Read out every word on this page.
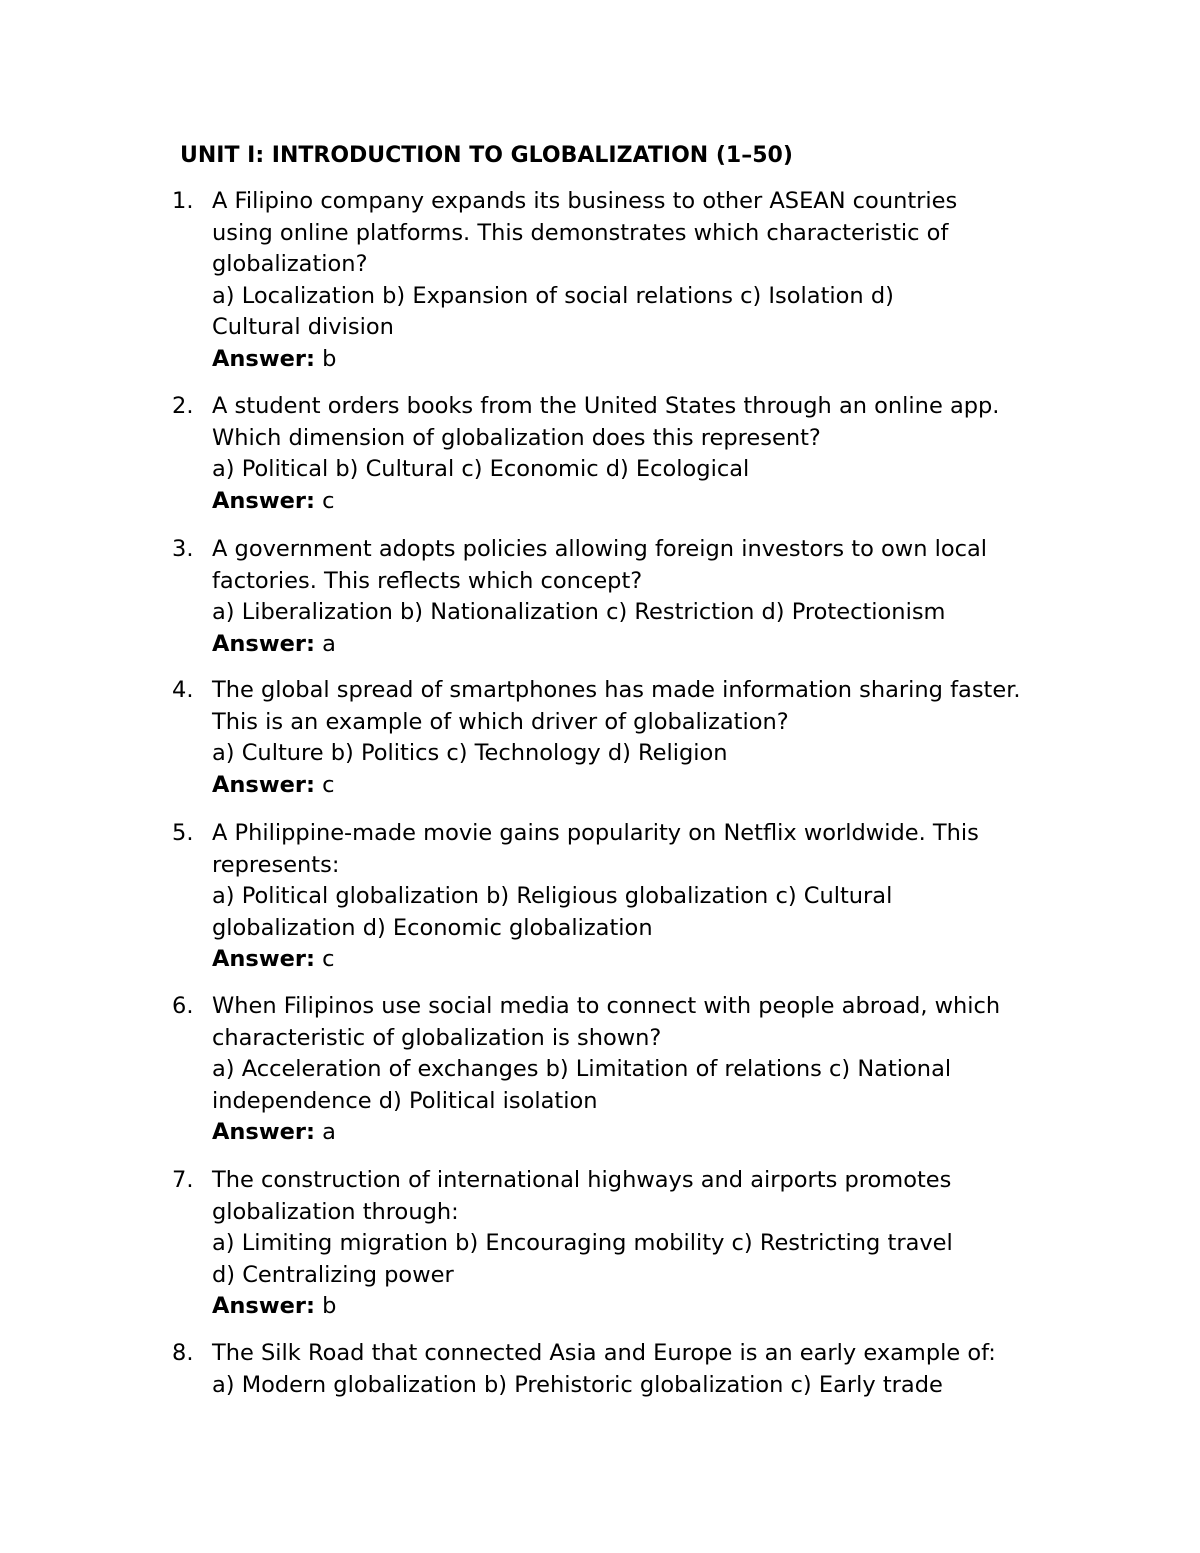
UNIT I: INTRODUCTION TO GLOBALIZATION (1–50)
1. A Filipino company expands its business to other ASEAN countries
using online platforms. This demonstrates which characteristic of
globalization?
a) Localization b) Expansion of social relations c) Isolation d)
Cultural division
Answer: b
2. A student orders books from the United States through an online app.
Which dimension of globalization does this represent?
a) Political b) Cultural c) Economic d) Ecological
Answer: c
3. A government adopts policies allowing foreign investors to own local
factories. This reflects which concept?
a) Liberalization b) Nationalization c) Restriction d) Protectionism
Answer: a
4. The global spread of smartphones has made information sharing faster.
This is an example of which driver of globalization?
a) Culture b) Politics c) Technology d) Religion
Answer: c
5. A Philippine-made movie gains popularity on Netflix worldwide. This
represents:
a) Political globalization b) Religious globalization c) Cultural
globalization d) Economic globalization
Answer: c
6. When Filipinos use social media to connect with people abroad, which
characteristic of globalization is shown?
a) Acceleration of exchanges b) Limitation of relations c) National
independence d) Political isolation
Answer: a
7. The construction of international highways and airports promotes
globalization through:
a) Limiting migration b) Encouraging mobility c) Restricting travel
d) Centralizing power
Answer: b
8. The Silk Road that connected Asia and Europe is an early example of:
a) Modern globalization b) Prehistoric globalization c) Early trade
